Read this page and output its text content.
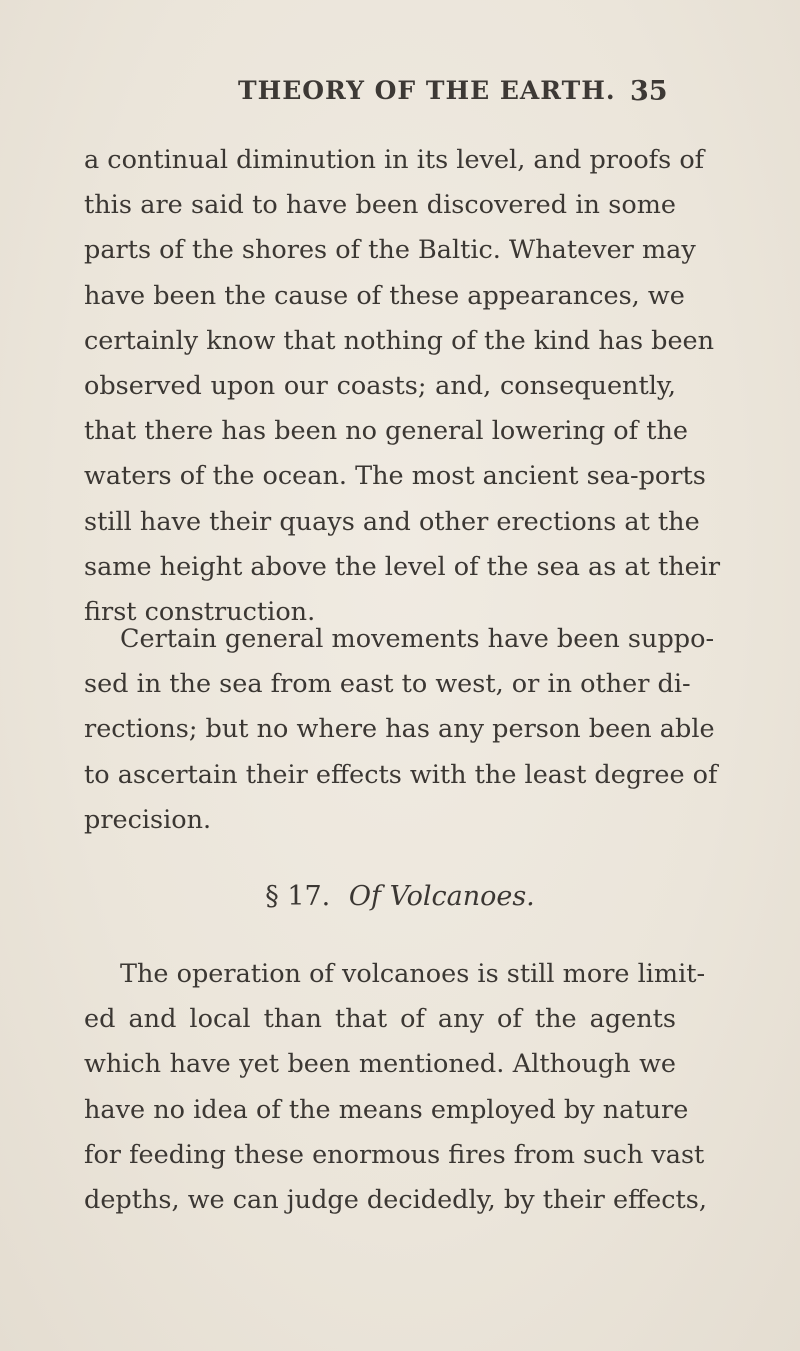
THEORY OF THE EARTH. 35
a continual diminution in its level, and proofs of
this are said to have been discovered in some
parts of the shores of the Baltic. Whatever may
have been the cause of these appearances, we
certainly know that nothing of the kind has been
observed upon our coasts; and, consequently,
that there has been no general lowering of the
waters of the ocean. The most ancient sea-ports
still have their quays and other erections at the
same height above the level of the sea as at their
first construction.
Certain general movements have been suppo-
sed in the sea from east to west, or in other di-
rections; but no where has any person been able
to ascertain their effects with the least degree of
precision.
§ 17. Of Volcanoes.
The operation of volcanoes is still more limit-
ed and local than that of any of the agents
which have yet been mentioned. Although we
have no idea of the means employed by nature
for feeding these enormous fires from such vast
depths, we can judge decidedly, by their effects,
